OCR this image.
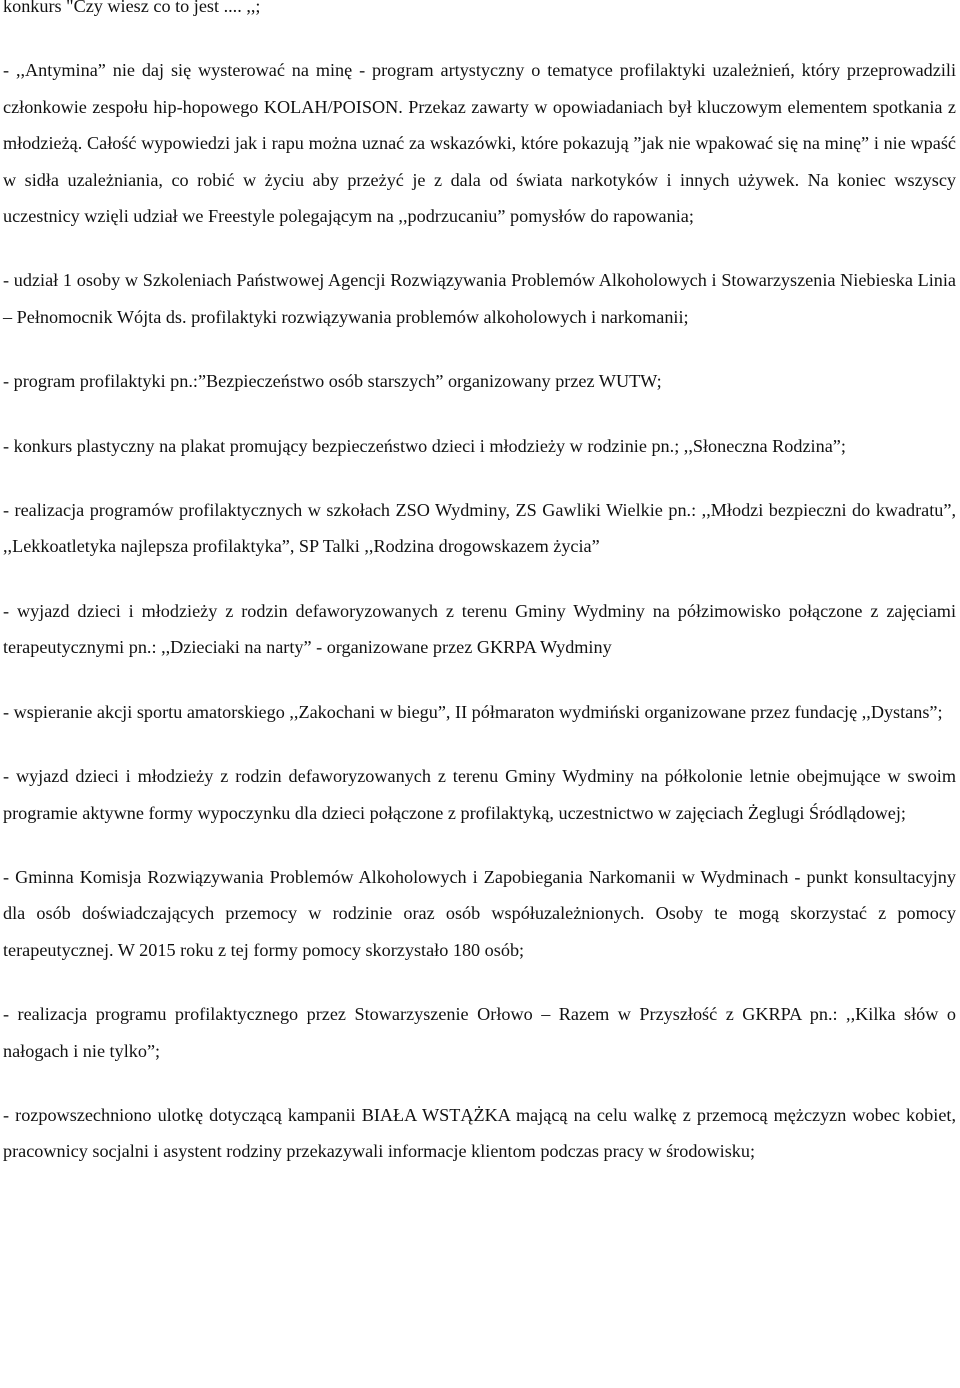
konkurs "Czy wiesz co to jest .... ,,;

- ,,Antymina” nie daj się wysterować na minę - program artystyczny o tematyce profilaktyki uzależnień, który przeprowadzili członkowie zespołu hip-hopowego KOLAH/POISON. Przekaz zawarty w opowiadaniach był kluczowym elementem spotkania z młodzieżą. Całość wypowiedzi jak i rapu można uznać za wskazówki, które pokazują ”jak nie wpakować się na minę” i nie wpaść w sidła uzależniania, co robić w życiu aby przeżyć je z dala od świata narkotyków i innych używek. Na koniec wszyscy uczestnicy wzięli udział we Freestyle polegającym na ,,podrzucaniu” pomysłów do rapowania;

- udział 1 osoby w Szkoleniach Państwowej Agencji Rozwiązywania Problemów Alkoholowych i Stowarzyszenia Niebieska Linia – Pełnomocnik Wójta ds. profilaktyki rozwiązywania problemów alkoholowych i narkomanii;

- program profilaktyki pn.:”Bezpieczeństwo osób starszych” organizowany przez WUTW;

- konkurs plastyczny na plakat promujący bezpieczeństwo dzieci i młodzieży w rodzinie pn.; ,,Słoneczna Rodzina”;

- realizacja programów profilaktycznych w szkołach ZSO Wydminy, ZS Gawliki Wielkie pn.: ,,Młodzi bezpieczni do kwadratu”, ,,Lekkoatletyka najlepsza profilaktyka”, SP Talki ,,Rodzina drogowskazem życia”

- wyjazd dzieci i młodzieży z rodzin defaworyzowanych z terenu Gminy Wydminy na półzimowisko połączone z zajęciami terapeutycznymi pn.: ,,Dzieciaki na narty” - organizowane przez GKRPA Wydminy

- wspieranie akcji sportu amatorskiego ,,Zakochani w biegu”, II półmaraton wydmiński organizowane przez fundację ,,Dystans”;

- wyjazd dzieci i młodzieży z rodzin defaworyzowanych z terenu Gminy Wydminy na półkolonie letnie obejmujące w swoim programie aktywne formy wypoczynku dla dzieci połączone z profilaktyką, uczestnictwo w zajęciach Żeglugi Śródlądowej;

- Gminna Komisja Rozwiązywania Problemów Alkoholowych i Zapobiegania Narkomanii w Wydminach - punkt konsultacyjny dla osób doświadczających przemocy w rodzinie oraz osób współuzależnionych. Osoby te mogą skorzystać z pomocy terapeutycznej. W 2015 roku z tej formy pomocy skorzystało 180 osób;

- realizacja programu profilaktycznego przez Stowarzyszenie Orłowo – Razem w Przyszłość z GKRPA pn.: ,,Kilka słów o nałogach i nie tylko”;

- rozpowszechniono ulotkę dotyczącą kampanii BIAŁA WSTĄŻKA mającą na celu walkę z przemocą mężczyzn wobec kobiet, pracownicy socjalni i asystent rodziny przekazywali informacje klientom podczas pracy w środowisku;
